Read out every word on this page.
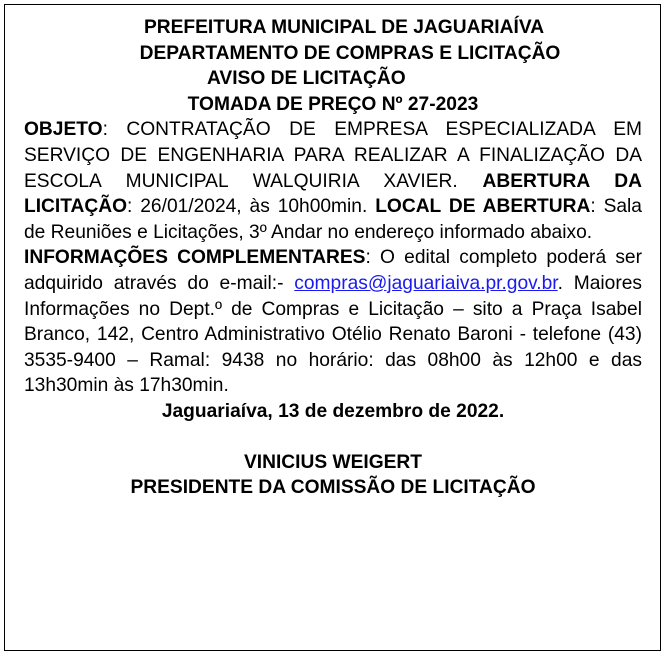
PREFEITURA MUNICIPAL DE JAGUARIAÍVA
DEPARTAMENTO DE COMPRAS E LICITAÇÃO
AVISO DE LICITAÇÃO
TOMADA DE PREÇO Nº 27-2023
OBJETO: CONTRATAÇÃO DE EMPRESA ESPECIALIZADA EM SERVIÇO DE ENGENHARIA PARA REALIZAR A FINALIZAÇÃO DA ESCOLA MUNICIPAL WALQUIRIA XAVIER. ABERTURA DA LICITAÇÃO: 26/01/2024, às 10h00min. LOCAL DE ABERTURA: Sala de Reuniões e Licitações, 3º Andar no endereço informado abaixo.
INFORMAÇÕES COMPLEMENTARES: O edital completo poderá ser adquirido através do e-mail:- compras@jaguariaiva.pr.gov.br. Maiores Informações no Dept.º de Compras e Licitação – sito a Praça Isabel Branco, 142, Centro Administrativo Otélio Renato Baroni - telefone (43) 3535-9400 – Ramal: 9438 no horário: das 08h00 às 12h00 e das 13h30min às 17h30min.
Jaguariaíva, 13 de dezembro de 2022.
VINICIUS WEIGERT
PRESIDENTE DA COMISSÃO DE LICITAÇÃO
